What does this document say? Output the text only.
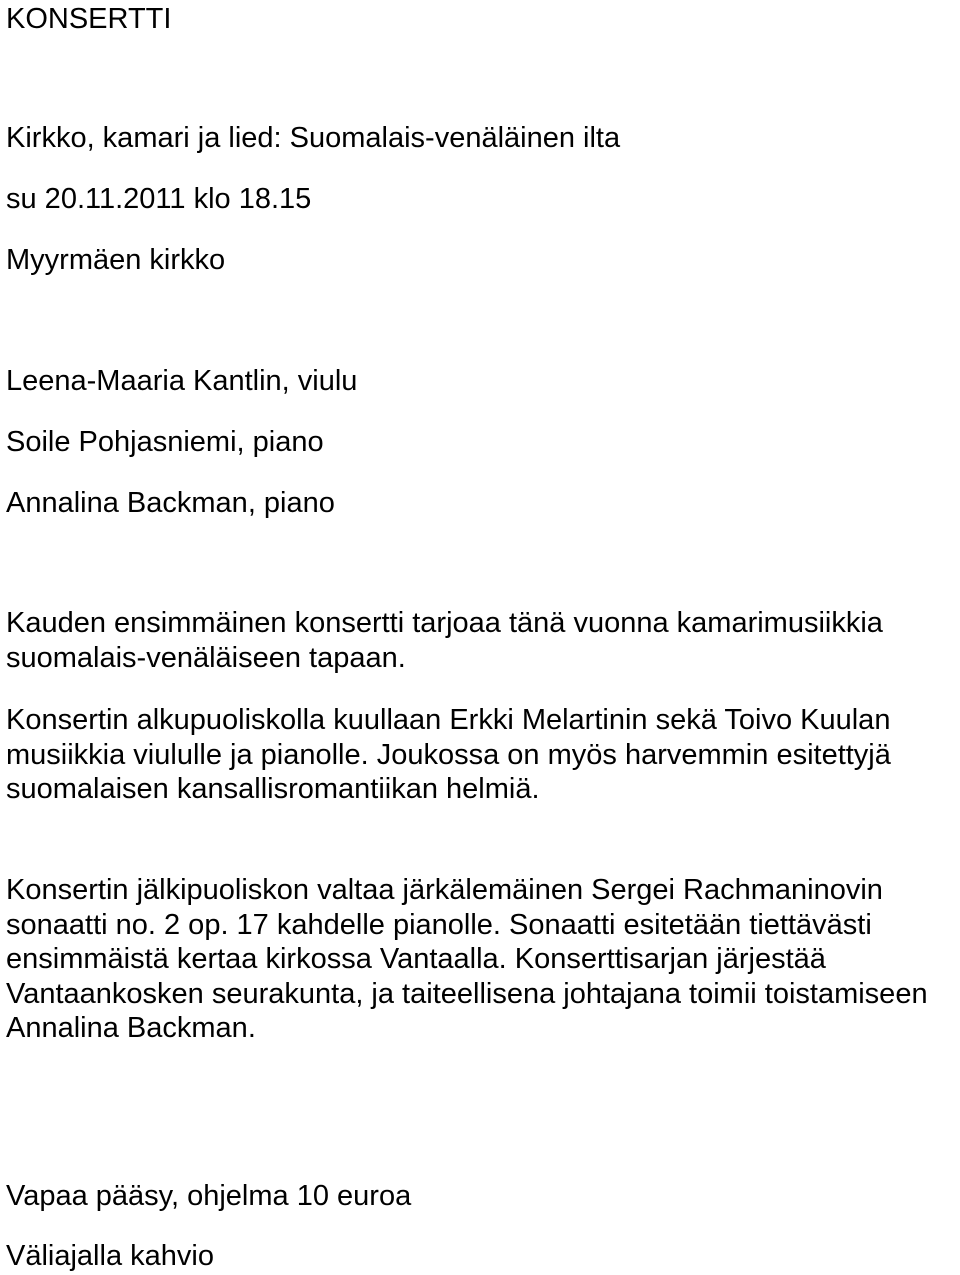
KONSERTTI
Kirkko, kamari ja lied: Suomalais-venäläinen ilta
su 20.11.2011 klo 18.15
Myyrmäen kirkko
Leena-Maaria Kantlin, viulu
Soile Pohjasniemi, piano
Annalina Backman, piano
Kauden ensimmäinen konsertti tarjoaa tänä vuonna kamarimusiikkia suomalais-venäläiseen tapaan.
Konsertin alkupuoliskolla kuullaan Erkki Melartinin sekä Toivo Kuulan musiikkia viululle ja pianolle. Joukossa on myös harvemmin esitettyjä suomalaisen kansallisromantiikan helmiä.
Konsertin jälkipuoliskon valtaa järkälemäinen Sergei Rachmaninovin sonaatti no. 2 op. 17 kahdelle pianolle. Sonaatti esitetään tiettävästi ensimmäistä kertaa kirkossa Vantaalla. Konserttisarjan järjestää Vantaankosken seurakunta, ja taiteellisena johtajana toimii toistamiseen Annalina Backman.
Vapaa pääsy, ohjelma 10 euroa
Väliajalla kahvio
